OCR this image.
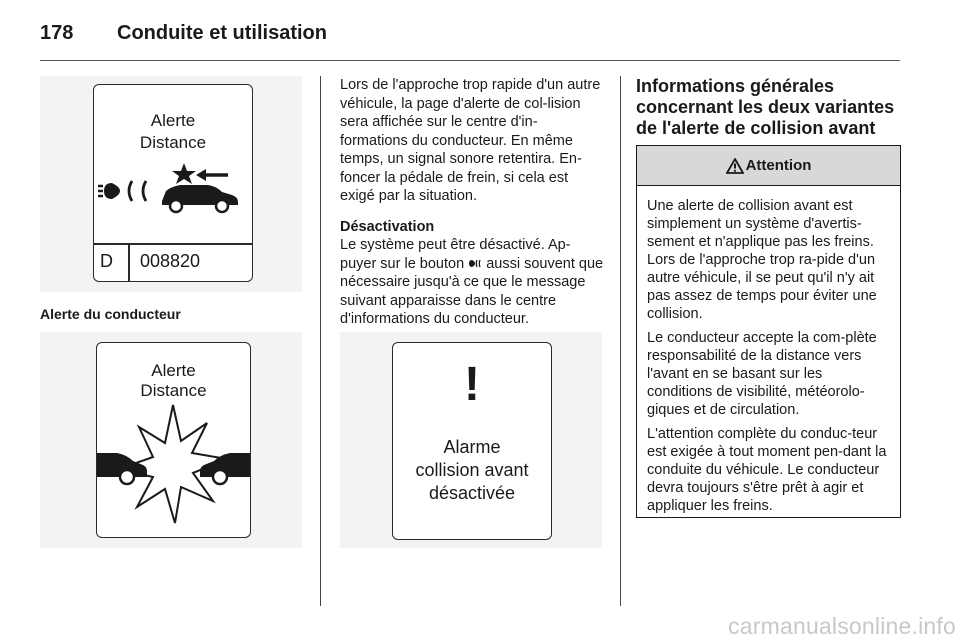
178 Conduite et utilisation
Alerte
Distance
D 008820
Alerte du conducteur
Alerte
Distance

Lors de l'approche trop rapide d'un autre véhicule, la page d'alerte de col-lision sera affichée sur le centre d'in-formations du conducteur. En même temps, un signal sonore retentira. En-foncer la pédale de frein, si cela est exigé par la situation.

Désactivation

Le système peut être désactivé. Ap-puyer sur le bouton  aussi souvent que nécessaire jusqu'à ce que le message suivant apparaisse dans le centre d'informations du conducteur.

!
Alarme
collision avant
désactivée
Informations générales concernant les deux variantes de l'alerte de collision avant
Attention

Une alerte de collision avant est simplement un système d'avertis-sement et n'applique pas les freins. Lors de l'approche trop ra-pide d'un autre véhicule, il se peut qu'il n'y ait pas assez de temps pour éviter une collision.

Le conducteur accepte la com-plète responsabilité de la distance vers l'avant en se basant sur les conditions de visibilité, météorolo-giques et de circulation.

L'attention complète du conduc-teur est exigée à tout moment pen-dant la conduite du véhicule. Le conducteur devra toujours s'être prêt à agir et appliquer les freins.

carmanualsonline.info
